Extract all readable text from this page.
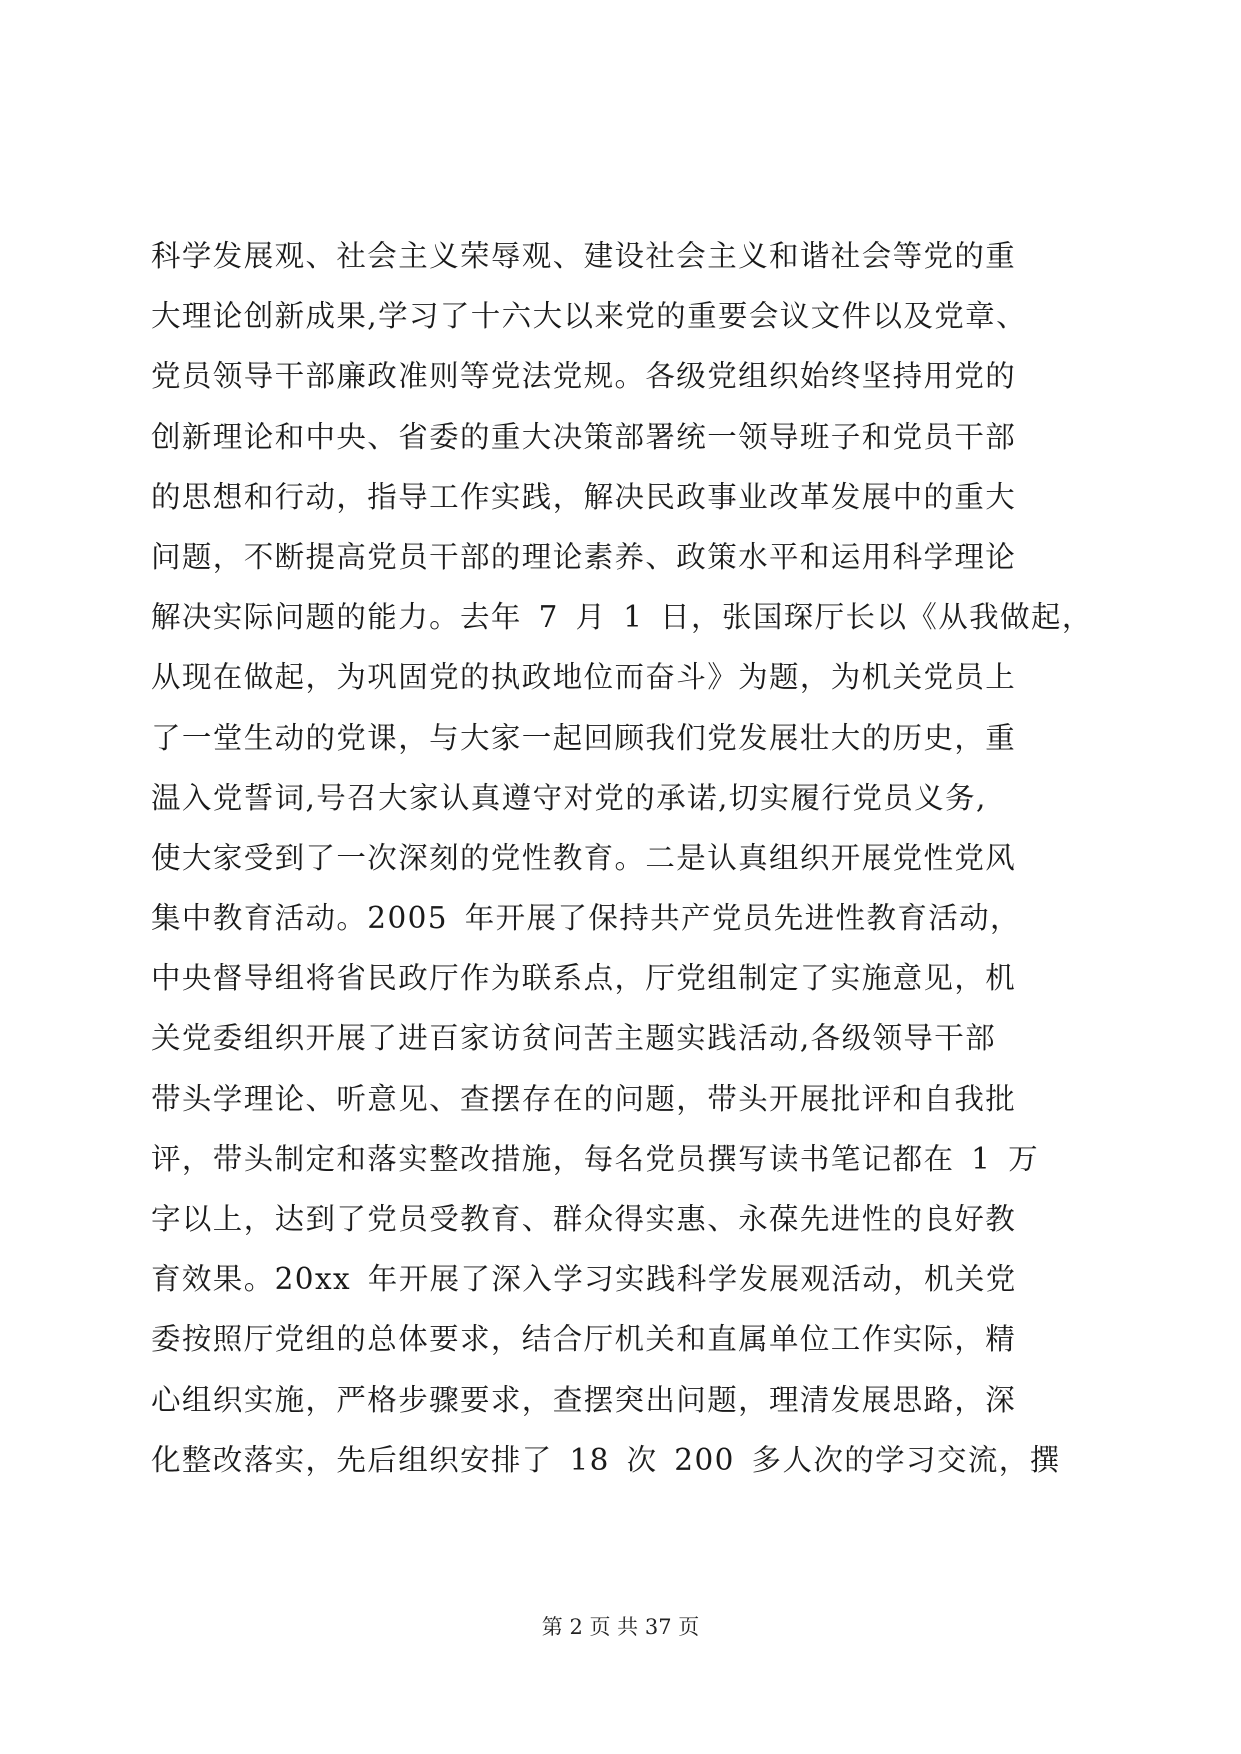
科学发展观、社会主义荣辱观、建设社会主义和谐社会等党的重
大理论创新成果,学习了十六大以来党的重要会议文件以及党章、
党员领导干部廉政准则等党法党规。各级党组织始终坚持用党的
创新理论和中央、省委的重大决策部署统一领导班子和党员干部
的思想和行动，指导工作实践，解决民政事业改革发展中的重大
问题，不断提高党员干部的理论素养、政策水平和运用科学理论
解决实际问题的能力。去年 7 月 1 日，张国琛厅长以《从我做起，
从现在做起，为巩固党的执政地位而奋斗》为题，为机关党员上
了一堂生动的党课，与大家一起回顾我们党发展壮大的历史，重
温入党誓词,号召大家认真遵守对党的承诺,切实履行党员义务,
使大家受到了一次深刻的党性教育。二是认真组织开展党性党风
集中教育活动。2005 年开展了保持共产党员先进性教育活动，
中央督导组将省民政厅作为联系点，厅党组制定了实施意见，机
关党委组织开展了进百家访贫问苦主题实践活动,各级领导干部
带头学理论、听意见、查摆存在的问题，带头开展批评和自我批
评，带头制定和落实整改措施，每名党员撰写读书笔记都在 1 万
字以上，达到了党员受教育、群众得实惠、永葆先进性的良好教
育效果。20xx 年开展了深入学习实践科学发展观活动，机关党
委按照厅党组的总体要求，结合厅机关和直属单位工作实际，精
心组织实施，严格步骤要求，查摆突出问题，理清发展思路，深
化整改落实，先后组织安排了 18 次 200 多人次的学习交流，撰
第 2 页 共 37 页
